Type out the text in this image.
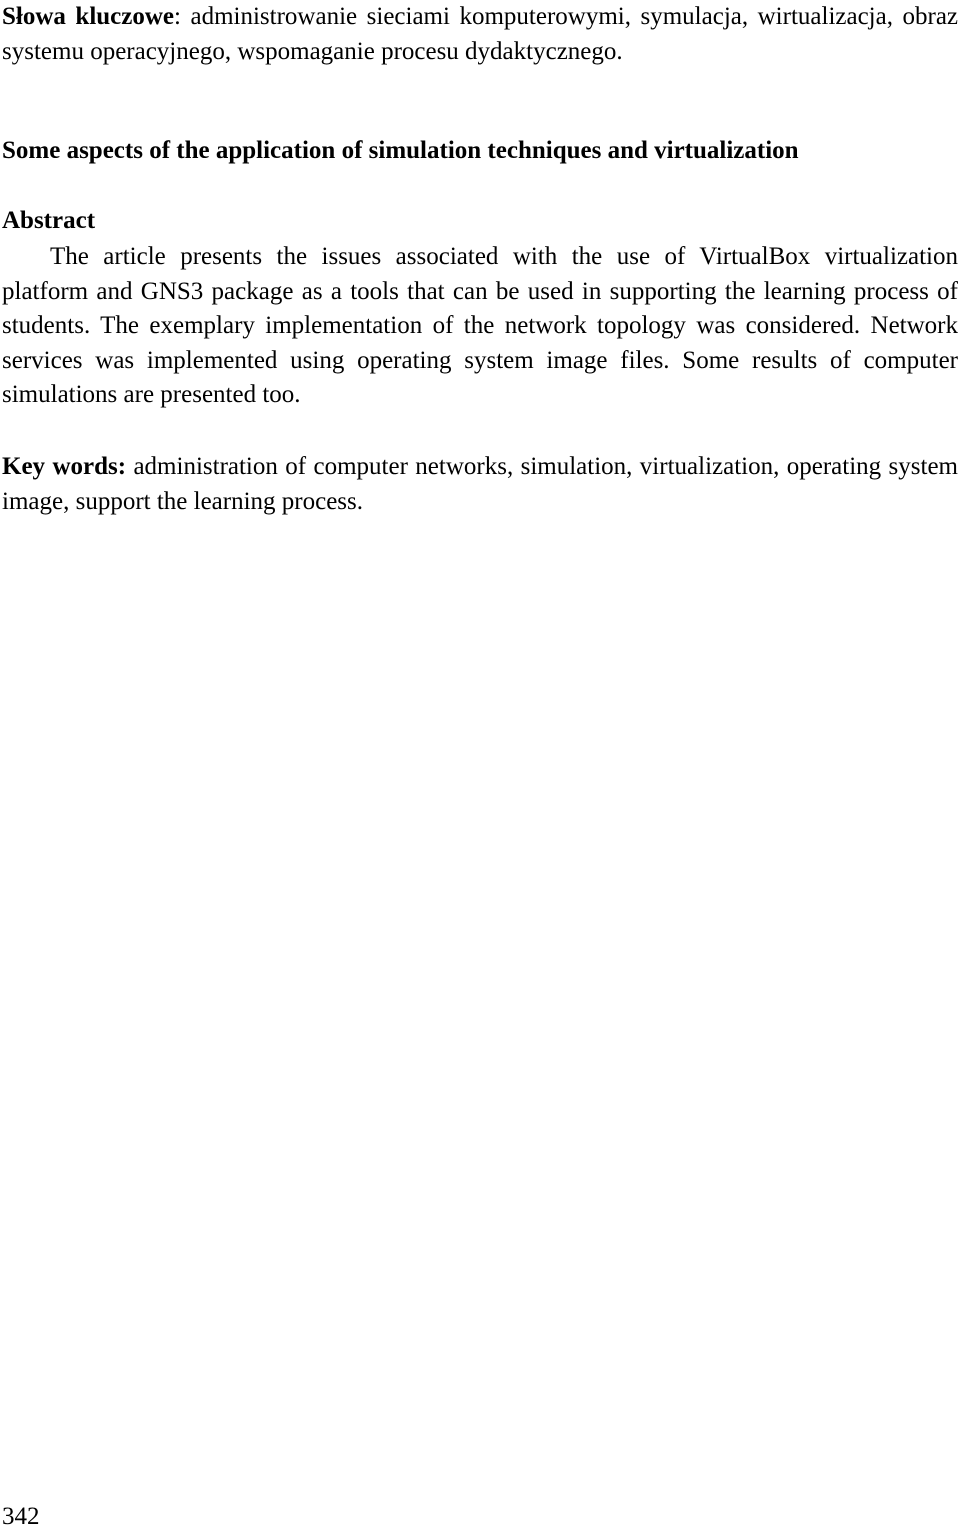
Słowa kluczowe: administrowanie sieciami komputerowymi, symulacja, wirtualizacja, obraz systemu operacyjnego, wspomaganie procesu dydaktycznego.

Some aspects of the application of simulation techniques and virtualization
Abstract

The article presents the issues associated with the use of VirtualBox virtualization platform and GNS3 package as a tools that can be used in supporting the learning process of students. The exemplary implementation of the network topology was considered. Network services was implemented using operating system image files. Some results of computer simulations are presented too.

Key words: administration of computer networks, simulation, virtualization, operating system image, support the learning process.

342
